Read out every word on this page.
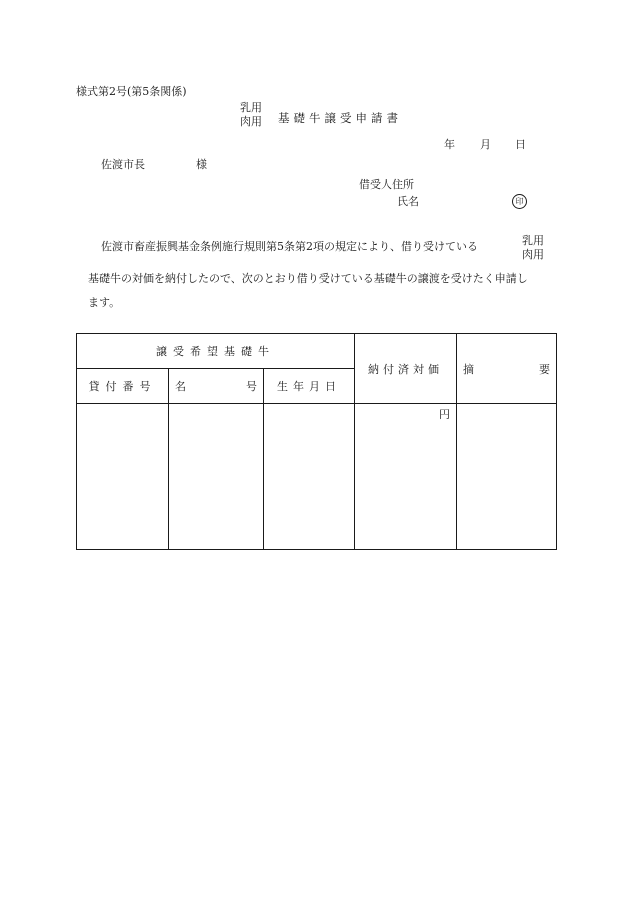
様式第2号(第5条関係)
乳用
肉用 基礎牛譲受申請書
年 月 日
佐渡市長	様
借受人住所
氏名	印
佐渡市畜産振興基金条例施行規則第5条第2項の規定により、借り受けている	乳用
肉用
基礎牛の対価を納付したので、次のとおり借り受けている基礎牛の譲渡を受けたく申請し
ます。
譲受希望基礎牛			納付済対価	摘 要

貸付番号	名 号	生年月日		

			円	
